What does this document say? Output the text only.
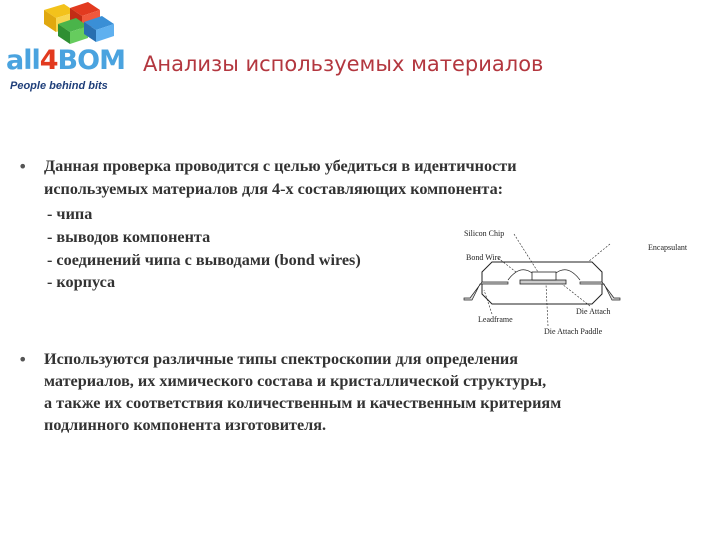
all4BOM
People behind bits
Анализы используемых материалов
• Данная проверка проводится с целью убедиться в идентичности
используемых материалов для 4-х составляющих компонента:
- чипа
- выводов компонента
- соединений чипа с выводами (bond wires)
- корпуса
Silicon Chip
Encapsulant
Bond Wire
Die Attach
Leadframe
Die Attach Paddle
• Используются различные типы спектроскопии для определения
материалов, их химического состава и кристаллической структуры,
а также их соответствия количественным и качественным критериям
подлинного компонента изготовителя.
